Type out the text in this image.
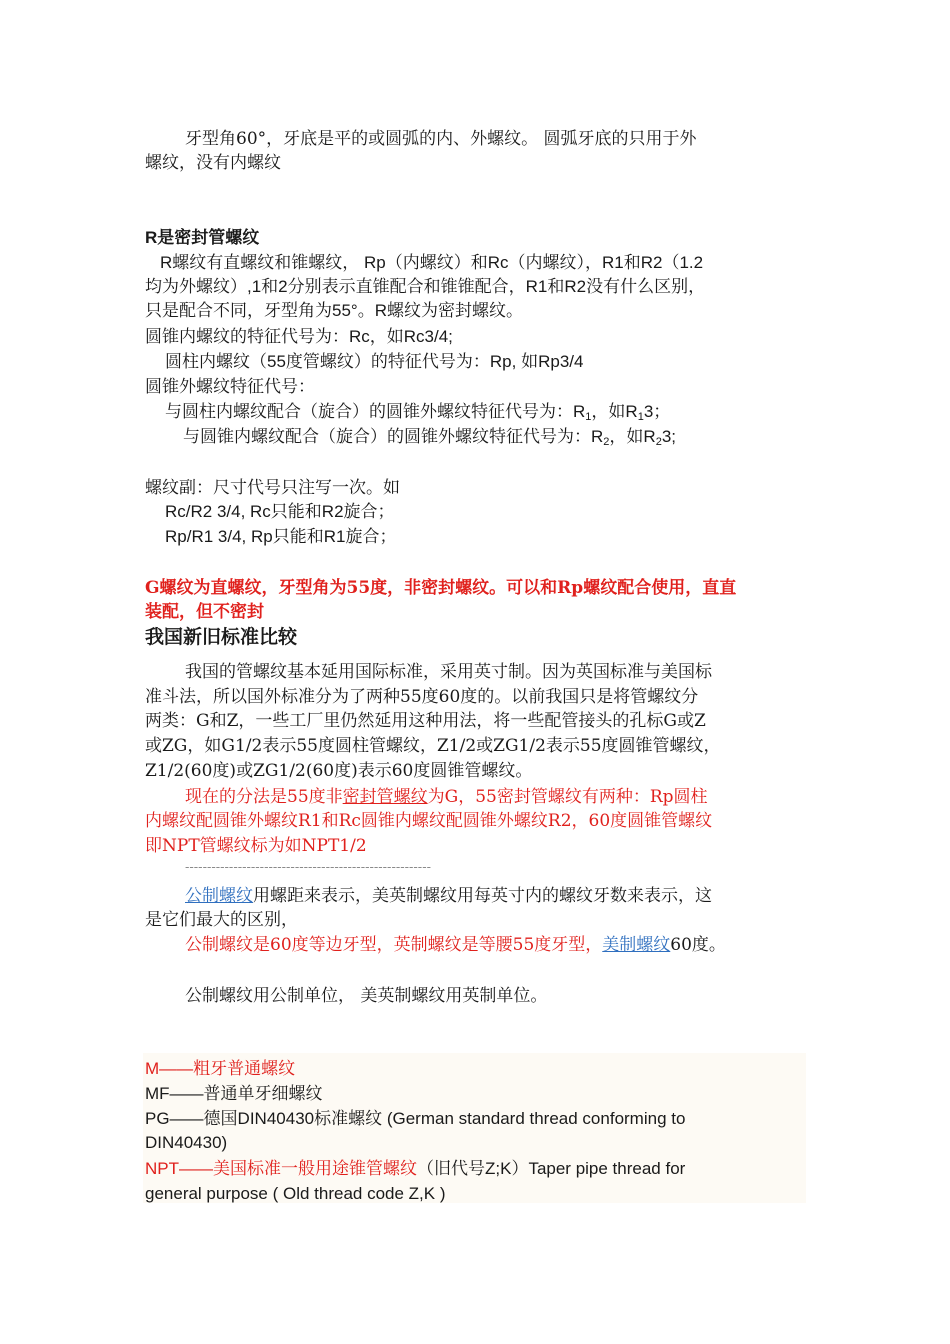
牙型角60°，牙底是平的或圆弧的内、外螺纹。 圆弧牙底的只用于外
螺纹，没有内螺纹
R是密封管螺纹
R螺纹有直螺纹和锥螺纹， Rp（内螺纹）和Rc（内螺纹），R1和R2（1.2
均为外螺纹）,1和2分别表示直锥配合和锥锥配合，R1和R2没有什么区别，
只是配合不同，牙型角为55°。R螺纹为密封螺纹。
圆锥内螺纹的特征代号为：Rc，如Rc3/4;
圆柱内螺纹（55度管螺纹）的特征代号为：Rp, 如Rp3/4
圆锥外螺纹特征代号：
与圆柱内螺纹配合（旋合）的圆锥外螺纹特征代号为：$R_1$，如$R_13$；
与圆锥内螺纹配合（旋合）的圆锥外螺纹特征代号为：$R_2$，如$R_23$;
螺纹副：尺寸代号只注写一次。如
Rc/R2 3/4, Rc只能和R2旋合；
Rp/R1 3/4, Rp只能和R1旋合；
G螺纹为直螺纹，牙型角为55度，非密封螺纹。可以和Rp螺纹配合使用，直直
装配，但不密封
我国新旧标准比较
我国的管螺纹基本延用国际标准，采用英寸制。因为英国标准与美国标
准斗法，所以国外标准分为了两种55度60度的。以前我国只是将管螺纹分
两类：G和Z，一些工厂里仍然延用这种用法，将一些配管接头的孔标G或Z
或ZG，如G1/2表示55度圆柱管螺纹，Z1/2或ZG1/2表示55度圆锥管螺纹，
Z1/2(60度)或ZG1/2(60度)表示60度圆锥管螺纹。
现在的分法是55度非密封管螺纹为G，55密封管螺纹有两种：Rp圆柱
内螺纹配圆锥外螺纹R1和Rc圆锥内螺纹配圆锥外螺纹R2，60度圆锥管螺纹
即NPT管螺纹标为如NPT1/2
--------------------------------------------------------
公制螺纹用螺距来表示，美英制螺纹用每英寸内的螺纹牙数来表示，这
是它们最大的区别，
公制螺纹是60度等边牙型，英制螺纹是等腰55度牙型，美制螺纹60度。
公制螺纹用公制单位， 美英制螺纹用英制单位。
M——粗牙普通螺纹
MF——普通单牙细螺纹
PG——德国DIN40430标准螺纹 (German standard thread conforming to
DIN40430)
NPT——美国标准一般用途锥管螺纹（旧代号Z;K）Taper pipe thread for
general purpose ( Old thread code Z,K )
